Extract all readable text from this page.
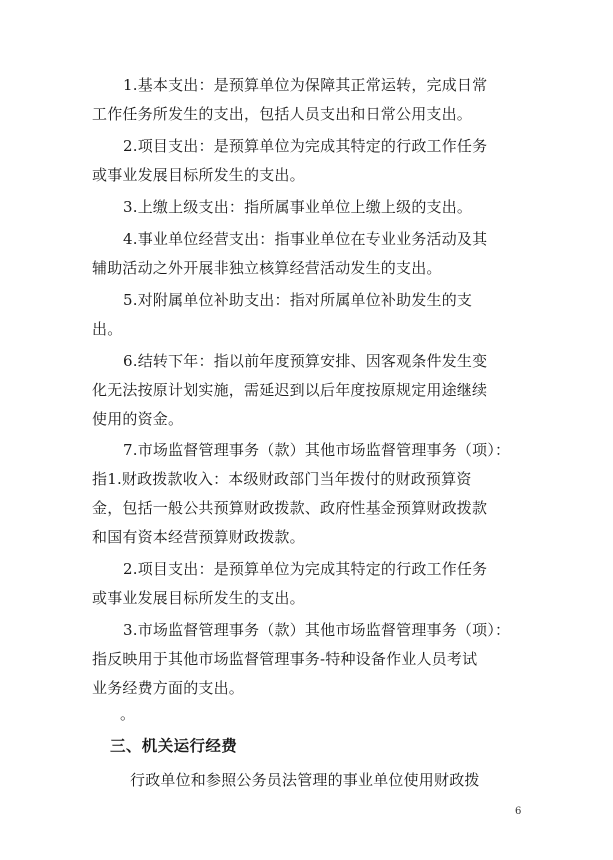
1.基本支出：是预算单位为保障其正常运转，完成日常
工作任务所发生的支出，包括人员支出和日常公用支出。
2.项目支出：是预算单位为完成其特定的行政工作任务
或事业发展目标所发生的支出。
3.上缴上级支出：指所属事业单位上缴上级的支出。
4.事业单位经营支出：指事业单位在专业业务活动及其
辅助活动之外开展非独立核算经营活动发生的支出。
5.对附属单位补助支出：指对所属单位补助发生的支
出。
6.结转下年：指以前年度预算安排、因客观条件发生变
化无法按原计划实施，需延迟到以后年度按原规定用途继续
使用的资金。
7.市场监督管理事务（款）其他市场监督管理事务（项）：
指1.财政拨款收入：本级财政部门当年拨付的财政预算资
金，包括一般公共预算财政拨款、政府性基金预算财政拨款
和国有资本经营预算财政拨款。
2.项目支出：是预算单位为完成其特定的行政工作任务
或事业发展目标所发生的支出。
3.市场监督管理事务（款）其他市场监督管理事务（项）：
指反映用于其他市场监督管理事务-特种设备作业人员考试
业务经费方面的支出。
。
三、机关运行经费
行政单位和参照公务员法管理的事业单位使用财政拨
6
